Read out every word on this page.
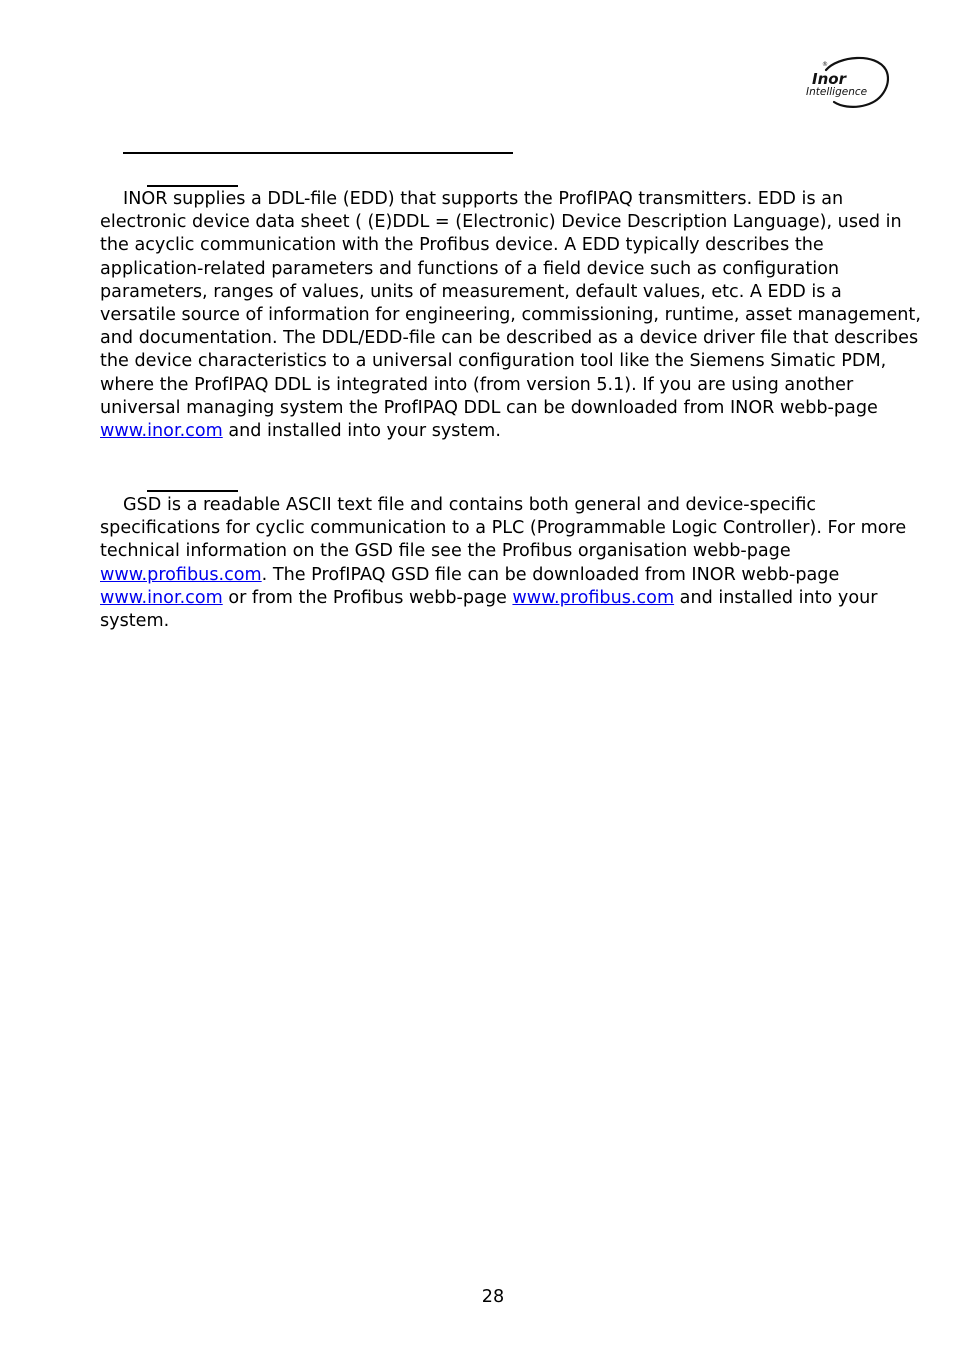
®
Inor
Intelligence

INOR supplies a DDL-file (EDD) that supports the ProfIPAQ transmitters. EDD is an
electronic device data sheet ( (E)DDL = (Electronic) Device Description Language), used in
the acyclic communication with the Profibus device. A EDD typically describes the
application-related parameters and functions of a field device such as configuration
parameters, ranges of values, units of measurement, default values, etc. A EDD is a
versatile source of information for engineering, commissioning, runtime, asset management,
and documentation. The DDL/EDD-file can be described as a device driver file that describes
the device characteristics to a universal configuration tool like the Siemens Simatic PDM,
where the ProfIPAQ DDL is integrated into (from version 5.1). If you are using another
universal managing system the ProfIPAQ DDL can be downloaded from INOR webb-page
www.inor.com and installed into your system.

GSD is a readable ASCII text file and contains both general and device-specific
specifications for cyclic communication to a PLC (Programmable Logic Controller). For more
technical information on the GSD file see the Profibus organisation webb-page
www.profibus.com. The ProfIPAQ GSD file can be downloaded from INOR webb-page
www.inor.com or from the Profibus webb-page www.profibus.com and installed into your
system.

28
